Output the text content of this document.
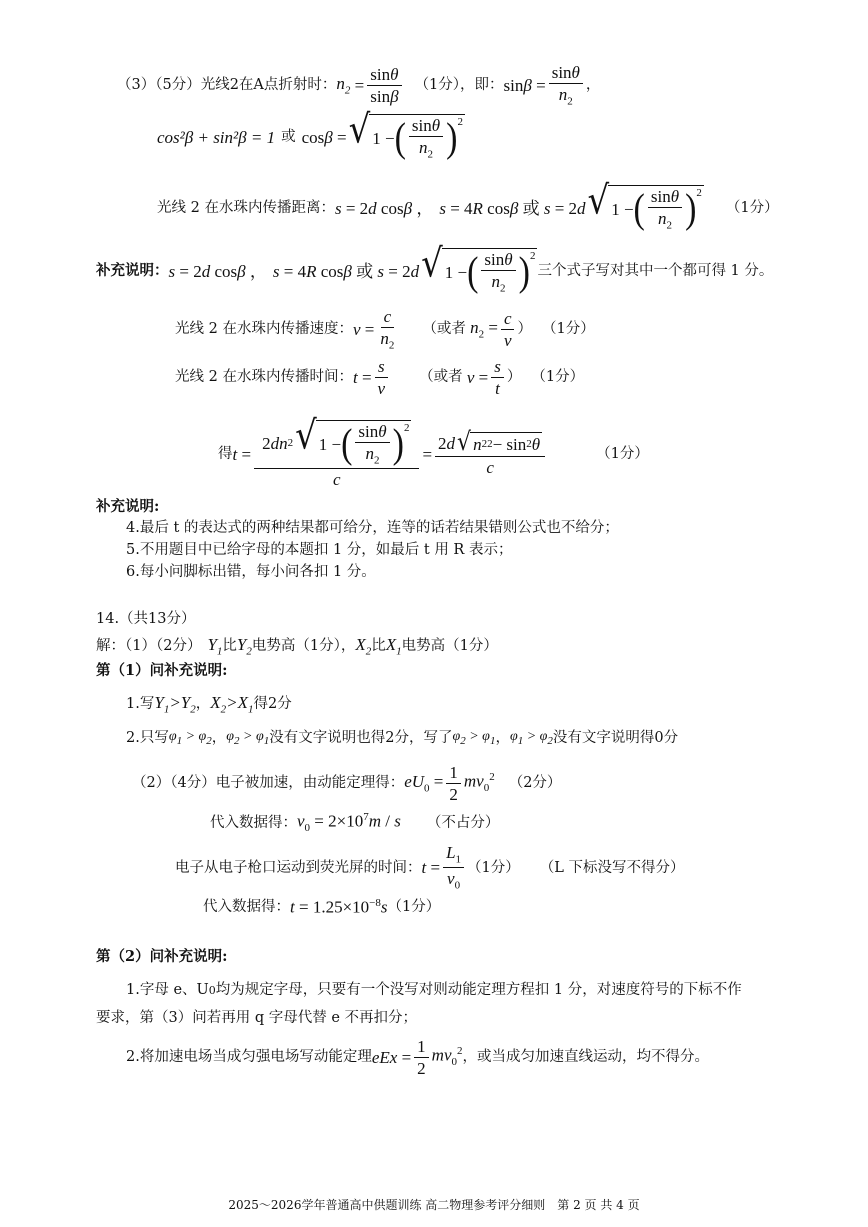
（3）（5分）光线2在A点折射时： $n_2 = \frac{\sin\theta}{\sin\beta} (1$分），即： $\sin\beta = \frac{\sin\theta}{n_2}$ ，
cos²β + sin²β = 1 或 cosβ = √ 1 − ( $\frac{\sin\theta}{n_2} )^2$
光线 2 在水珠内传播距离： s = 2d cosβ ， s = 4R cosβ 或 s = 2d √ 1 − ( $\frac{\sin\theta}{n_2} )^2$
（1分）
补充说明： s = 2d cosβ ， s = 4R cosβ 或 s = 2d √ 1 − ( $\frac{\sin\theta}{n_2} )^2$
三个式子写对其中一个都可得 1 分。
光线 2 在水珠内传播速度： $v = \frac{c}{n_2}$ （或者 $n_2 = \frac{c}{v}$ ） （1分）
光线 2 在水珠内传播时间： $t = \frac{s}{v}$ （或者 $v = \frac{s}{t}$ ） （1分）
得 $t = \frac{2 dn 2 √ 1 - ( \frac{\sin\theta}{n_2} )^2}{c} = \frac{2 d √ n 2 2 - \sin 2 \theta}{c}$	（1分）
补充说明:
4.最后 t 的表达式的两种结果都可给分，连等的话若结果错则公式也不给分；
5.不用题目中已给字母的本题扣 1 分，如最后 t 用 R 表示；
6.每小问脚标出错，每小问各扣 1 分。
14.（共13分）
解：（1）（2分） $Y_1$ 比 $Y_2$ 电势高（1分）， $X_2$ 比 $X_1$ 电势高（1分）
第（1）问补充说明:
1.写 $Y_1>Y_2$ ， $X_2>X_1$ 得2分
2.只写 $\varphi_1 > \varphi_2$ ， $\varphi_2 > \varphi_1$ 没有文字说明也得2分，写了 $\varphi_2 > \varphi_1$ ， $\varphi_1 > \varphi_2$ 没有文字说明得0分
（2）（4分）电子被加速，由动能定理得： $eU_0 = \frac{1}{2} mv_0^2$ （2分）
代入数据得： $v_0 = 2\times 10^7m / s$ （不占分）
电子从电子枪口运动到荧光屏的时间： $t = \frac{L_1}{v_0} (1$分） （L 下标没写不得分）
代入数据得： $t = 1.25\times 10^{-8}s$ （1分）
第（2）问补充说明:
1.字母 e、U 0 均为规定字母，只要有一个没写对则动能定理方程扣 1 分，对速度符号的下标不作
要求，第（3）问若再用 q 字母代替 e 不再扣分；
2.将加速电场当成匀强电场写动能定理 eEx = $\frac{1}{2} mv_0^2$ ，或当成匀加速直线运动，均不得分。
2025～2026学年普通高中供题训练 高二物理参考评分细则　第 2 页 共 4 页
